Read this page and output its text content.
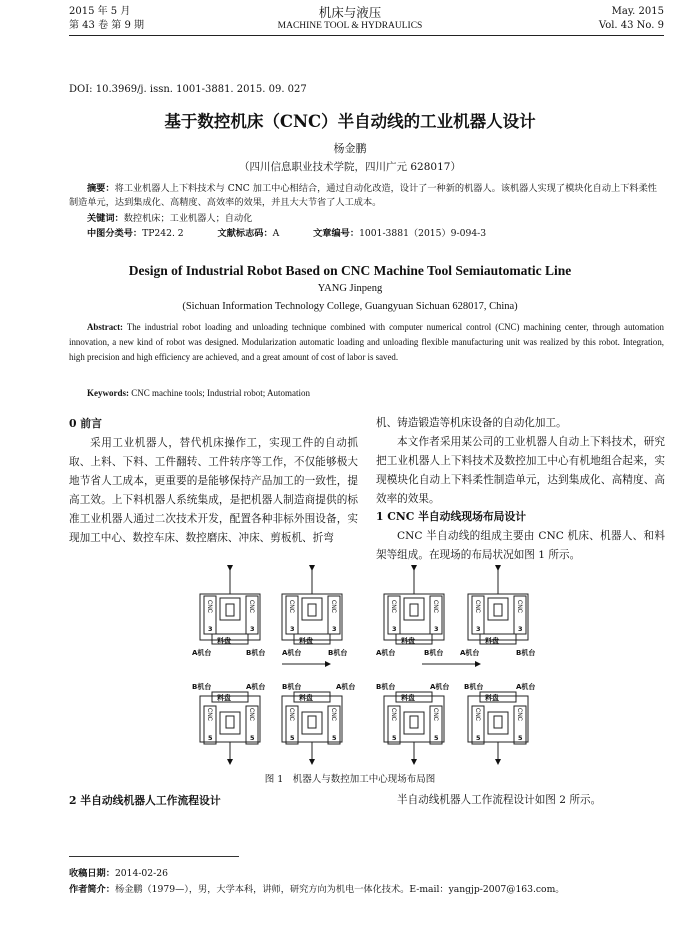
2015 年 5 月
第 43 卷 第 9 期
机床与液压
MACHINE TOOL & HYDRAULICS
May. 2015
Vol. 43 No. 9
DOI: 10.3969/j. issn. 1001-3881. 2015. 09. 027
基于数控机床（CNC）半自动线的工业机器人设计
杨金鹏
（四川信息职业技术学院，四川广元 628017）
摘要：将工业机器人上下料技术与 CNC 加工中心相结合，通过自动化改造，设计了一种新的机器人。该机器人实现了模块化自动上下料柔性制造单元，达到集成化、高精度、高效率的效果，并且大大节省了人工成本。
关键词：数控机床；工业机器人；自动化
中图分类号：TP242. 2	文献标志码：A	文章编号：1001-3881（2015）9-094-3
Design of Industrial Robot Based on CNC Machine Tool Semiautomatic Line
YANG Jinpeng
(Sichuan Information Technology College, Guangyuan Sichuan 628017, China)
Abstract: The industrial robot loading and unloading technique combined with computer numerical control (CNC) machining center, through automation innovation, a new kind of robot was designed. Modularization automatic loading and unloading flexible manufacturing unit was realized by this robot. Integration, high precision and high efficiency are achieved, and a great amount of cost of labor is saved.
Keywords: CNC machine tools; Industrial robot; Automation
0 前言
采用工业机器人，替代机床操作工，实现工件的自动抓取、上料、下料、工件翻转、工件转序等工作，不仅能够极大地节省人工成本，更重要的是能够保持产品加工的一致性，提高工效。上下料机器人系统集成，是把机器人制造商提供的标准工业机器人通过二次技术开发，配置各种非标外围设备，实现加工中心、数控车床、数控磨床、冲床、剪板机、折弯
机、铸造锻造等机床设备的自动化加工。
本文作者采用某公司的工业机器人自动上下料技术，研究把工业机器人上下料技术及数控加工中心有机地组合起来，实现模块化自动上下料柔性制造单元，达到集成化、高精度、高效率的效果。
1 CNC 半自动线现场布局设计
CNC 半自动线的组成主要由 CNC 机床、机器人、和料架等组成。在现场的布局状况如图 1 所示。
A机台	B机台 A机台	B机台	A机台	B机台 A机台	B机台
料盘	料盘	料盘	料盘
B机台	A机台 B机台	A机台	B机台	A机台 B机台	A机台
料盘	料盘	料盘	料盘
CNC	CNC	CNC	CNC	CNC	CNC	CNC	CNC
CNC	CNC	CNC	CNC	CNC	CNC	CNC	CNC
3	3	3	3	3	3	3	3
5	5	5	5	5	5	5	5
图 1　机器人与数控加工中心现场布局图
2 半自动线机器人工作流程设计	半自动线机器人工作流程设计如图 2 所示。
收稿日期：2014-02-26
作者简介：杨金鹏（1979—），男，大学本科，讲师，研究方向为机电一体化技术。E-mail：yangjp-2007@163.com。
